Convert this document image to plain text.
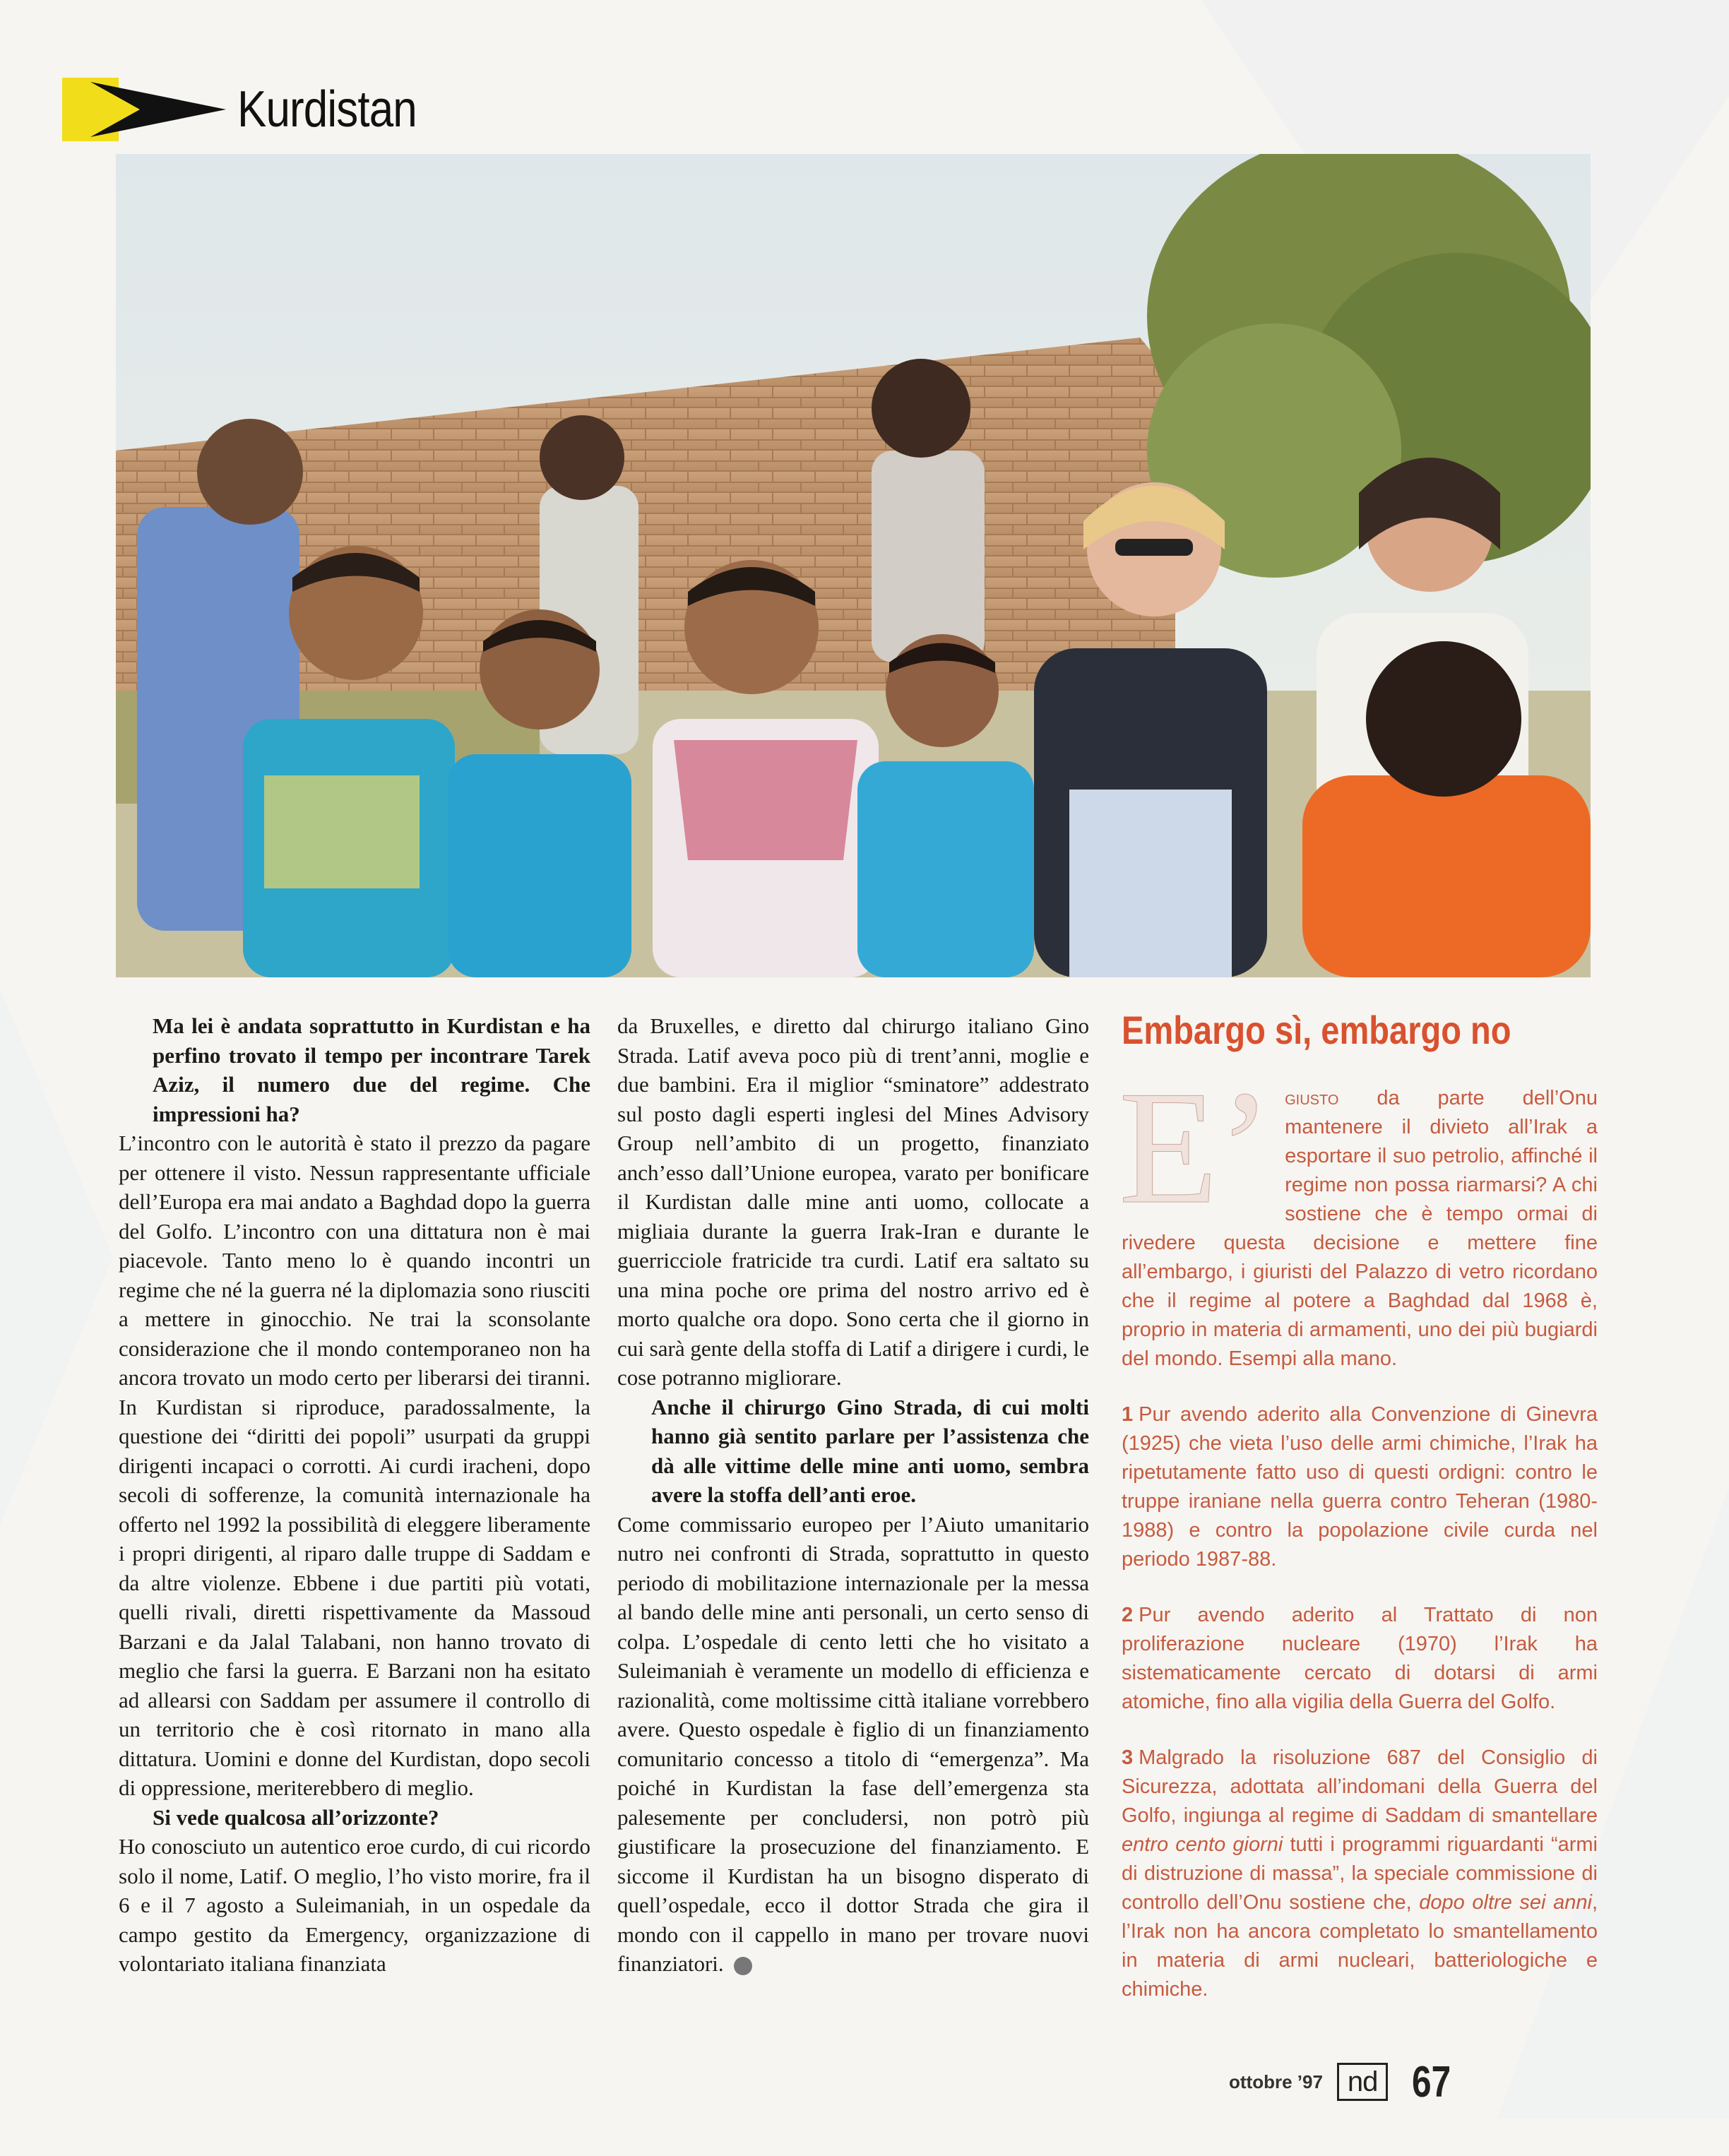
Kurdistan

Ma lei è andata soprattutto in Kurdistan e ha perfino trovato il tempo per incontrare Tarek Aziz, il numero due del regime. Che impressioni ha?

L’incontro con le autorità è stato il prezzo da pagare per ottenere il visto. Nessun rappresentante ufficiale dell’Europa era mai andato a Baghdad dopo la guerra del Golfo. L’incontro con una dittatura non è mai piacevole. Tanto meno lo è quando incontri un regime che né la guerra né la diplomazia sono riusciti a mettere in ginocchio. Ne trai la sconsolante considerazione che il mondo contemporaneo non ha ancora trovato un modo certo per liberarsi dei tiranni. In Kurdistan si riproduce, paradossalmente, la questione dei “diritti dei popoli” usurpati da gruppi dirigenti incapaci o corrotti. Ai curdi iracheni, dopo secoli di sofferenze, la comunità internazionale ha offerto nel 1992 la possibilità di eleggere liberamente i propri dirigenti, al riparo dalle truppe di Saddam e da altre violenze. Ebbene i due partiti più votati, quelli rivali, diretti rispettivamente da Massoud Barzani e da Jalal Talabani, non hanno trovato di meglio che farsi la guerra. E Barzani non ha esitato ad allearsi con Saddam per assumere il controllo di un territorio che è così ritornato in mano alla dittatura. Uomini e donne del Kurdistan, dopo secoli di oppressione, meriterebbero di meglio.

Si vede qualcosa all’orizzonte?

Ho conosciuto un autentico eroe curdo, di cui ricordo solo il nome, Latif. O meglio, l’ho visto morire, fra il 6 e il 7 agosto a Suleimaniah, in un ospedale da campo gestito da Emergency, organizzazione di volontariato italiana finanziata

da Bruxelles, e diretto dal chirurgo italiano Gino Strada. Latif aveva poco più di trent’anni, moglie e due bambini. Era il miglior “sminatore” addestrato sul posto dagli esperti inglesi del Mines Advisory Group nell’ambito di un progetto, finanziato anch’esso dall’Unione europea, varato per bonificare il Kurdistan dalle mine anti uomo, collocate a migliaia durante la guerra Irak-Iran e durante le guerricciole fratricide tra curdi. Latif era saltato su una mina poche ore prima del nostro arrivo ed è morto qualche ora dopo. Sono certa che il giorno in cui sarà gente della stoffa di Latif a dirigere i curdi, le cose potranno migliorare.

Anche il chirurgo Gino Strada, di cui molti hanno già sentito parlare per l’assistenza che dà alle vittime delle mine anti uomo, sembra avere la stoffa dell’anti eroe.

Come commissario europeo per l’Aiuto umanitario nutro nei confronti di Strada, soprattutto in questo periodo di mobilitazione internazionale per la messa al bando delle mine anti personali, un certo senso di colpa. L’ospedale di cento letti che ho visitato a Suleimaniah è veramente un modello di efficienza e razionalità, come moltissime città italiane vorrebbero avere. Questo ospedale è figlio di un finanziamento comunitario concesso a titolo di “emergenza”. Ma poiché in Kurdistan la fase dell’emergenza sta palesemente per concludersi, non potrò più giustificare la prosecuzione del finanziamento. E siccome il Kurdistan ha un bisogno disperato di quell’ospedale, ecco il dottor Strada che gira il mondo con il cappello in mano per trovare nuovi finanziatori.

Embargo sì, embargo no

E’ giusto da parte dell’Onu mantenere il divieto all’Irak a esportare il suo petrolio, affinché il regime non possa riarmarsi? A chi sostiene che è tempo ormai di rivedere questa decisione e mettere fine all’embargo, i giuristi del Palazzo di vetro ricordano che il regime al potere a Baghdad dal 1968 è, proprio in materia di armamenti, uno dei più bugiardi del mondo. Esempi alla mano.

1 Pur avendo aderito alla Convenzione di Ginevra (1925) che vieta l’uso delle armi chimiche, l’Irak ha ripetutamente fatto uso di questi ordigni: contro le truppe iraniane nella guerra contro Teheran (1980-1988) e contro la popolazione civile curda nel periodo 1987-88.

2 Pur avendo aderito al Trattato di non proliferazione nucleare (1970) l’Irak ha sistematicamente cercato di dotarsi di armi atomiche, fino alla vigilia della Guerra del Golfo.

3 Malgrado la risoluzione 687 del Consiglio di Sicurezza, adottata all’indomani della Guerra del Golfo, ingiunga al regime di Saddam di smantellare entro cento giorni tutti i programmi riguardanti “armi di distruzione di massa”, la speciale commissione di controllo dell’Onu sostiene che, dopo oltre sei anni, l’Irak non ha ancora completato lo smantellamento in materia di armi nucleari, batteriologiche e chimiche.

ottobre ’97 nd 67
